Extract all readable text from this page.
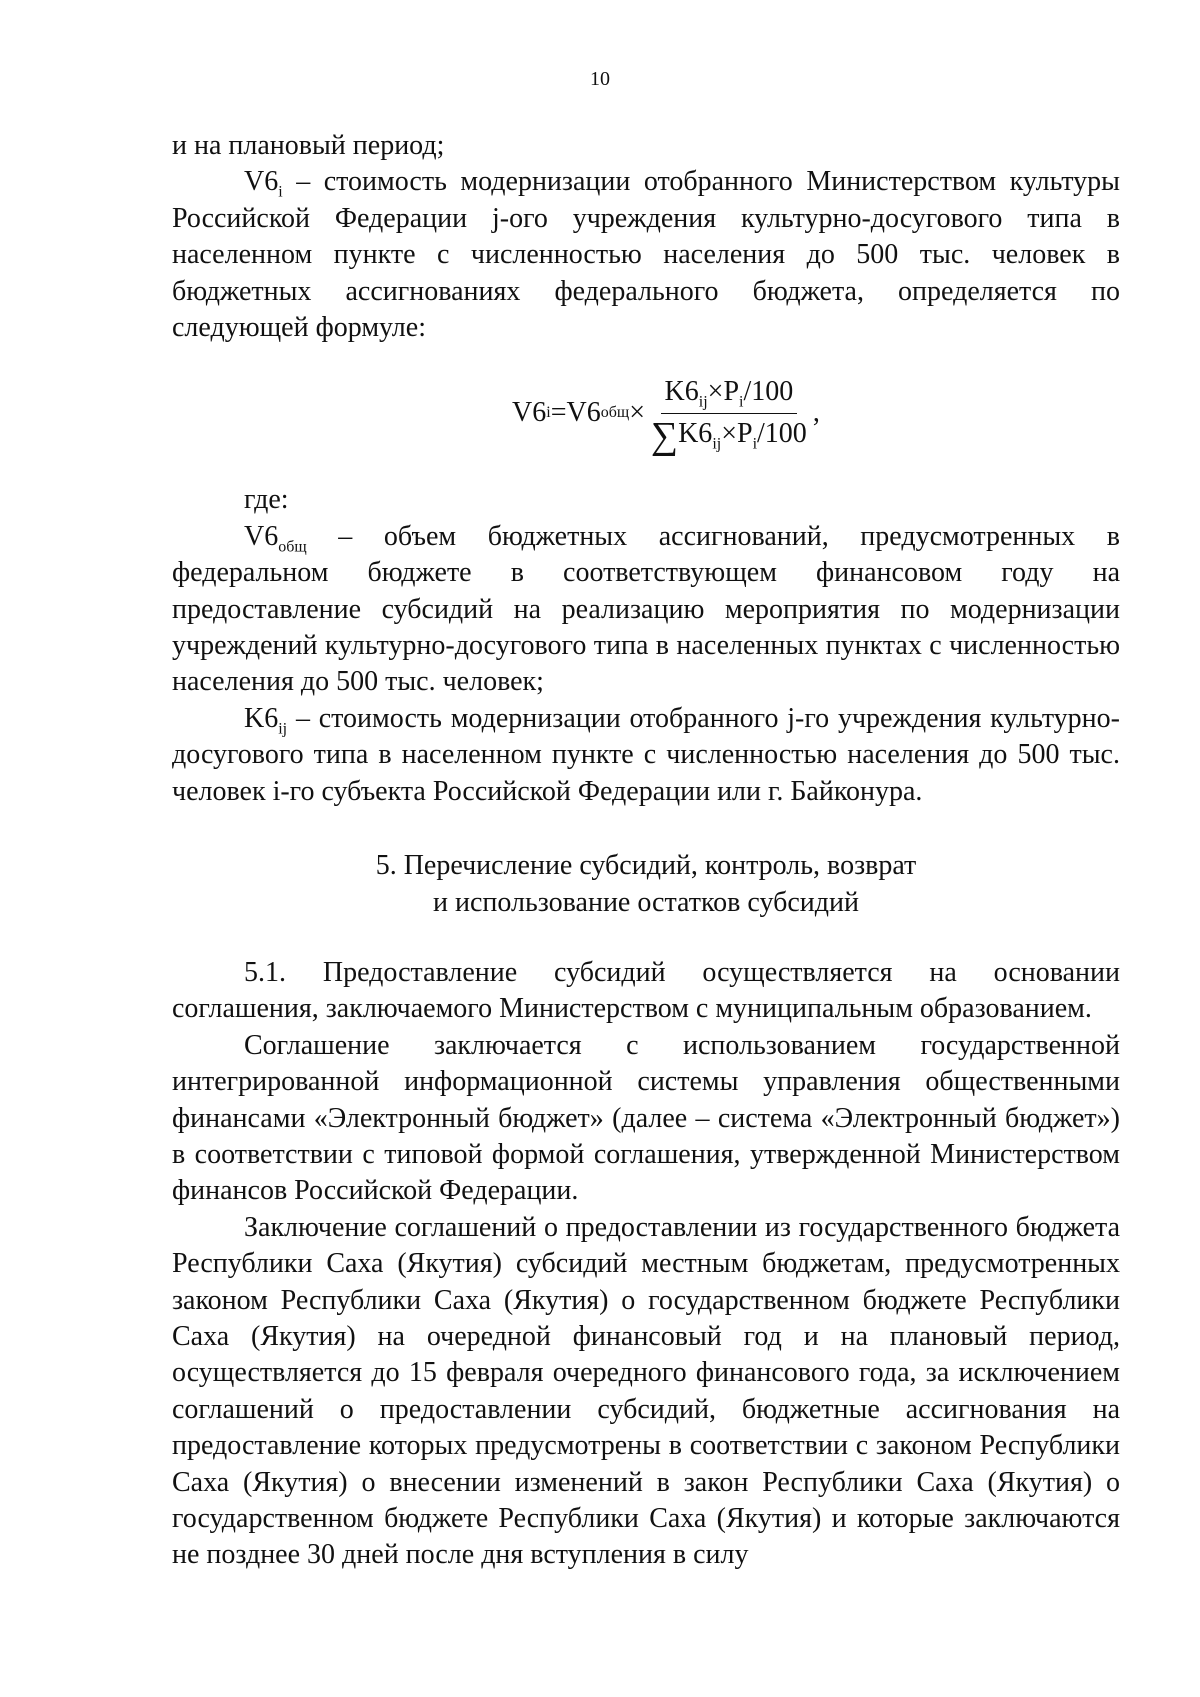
10

и на плановый период;

$V6_i$ – стоимость модернизации отобранного Министерством культуры Российской Федерации j-ого учреждения культурно-досугового типа в населенном пункте с численностью населения до 500 тыс. человек в бюджетных ассигнованиях федерального бюджета, определяется по следующей формуле:

V6 i = V6 общ × $\frac{K6_{ij}\times P_i/100}{\sum K6_{ij}\times P_i/100}$ ,

где:

$V6_{общ}$ – объем бюджетных ассигнований, предусмотренных в федеральном бюджете в соответствующем финансовом году на предоставление субсидий на реализацию мероприятия по модернизации учреждений культурно-досугового типа в населенных пунктах с численностью населения до 500 тыс. человек;

$K6_{ij}$ – стоимость модернизации отобранного j-го учреждения культурно-досугового типа в населенном пункте с численностью населения до 500 тыс. человек i-го субъекта Российской Федерации или г. Байконура.

5. Перечисление субсидий, контроль, возврат
и использование остатков субсидий

5.1. Предоставление субсидий осуществляется на основании соглашения, заключаемого Министерством с муниципальным образованием.

Соглашение заключается с использованием государственной интегрированной информационной системы управления общественными финансами «Электронный бюджет» (далее – система «Электронный бюджет») в соответствии с типовой формой соглашения, утвержденной Министерством финансов Российской Федерации.

Заключение соглашений о предоставлении из государственного бюджета Республики Саха (Якутия) субсидий местным бюджетам, предусмотренных законом Республики Саха (Якутия) о государственном бюджете Республики Саха (Якутия) на очередной финансовый год и на плановый период, осуществляется до 15 февраля очередного финансового года, за исключением соглашений о предоставлении субсидий, бюджетные ассигнования на предоставление которых предусмотрены в соответствии с законом Республики Саха (Якутия) о внесении изменений в закон Республики Саха (Якутия) о государственном бюджете Республики Саха (Якутия) и которые заключаются не позднее 30 дней после дня вступления в силу
